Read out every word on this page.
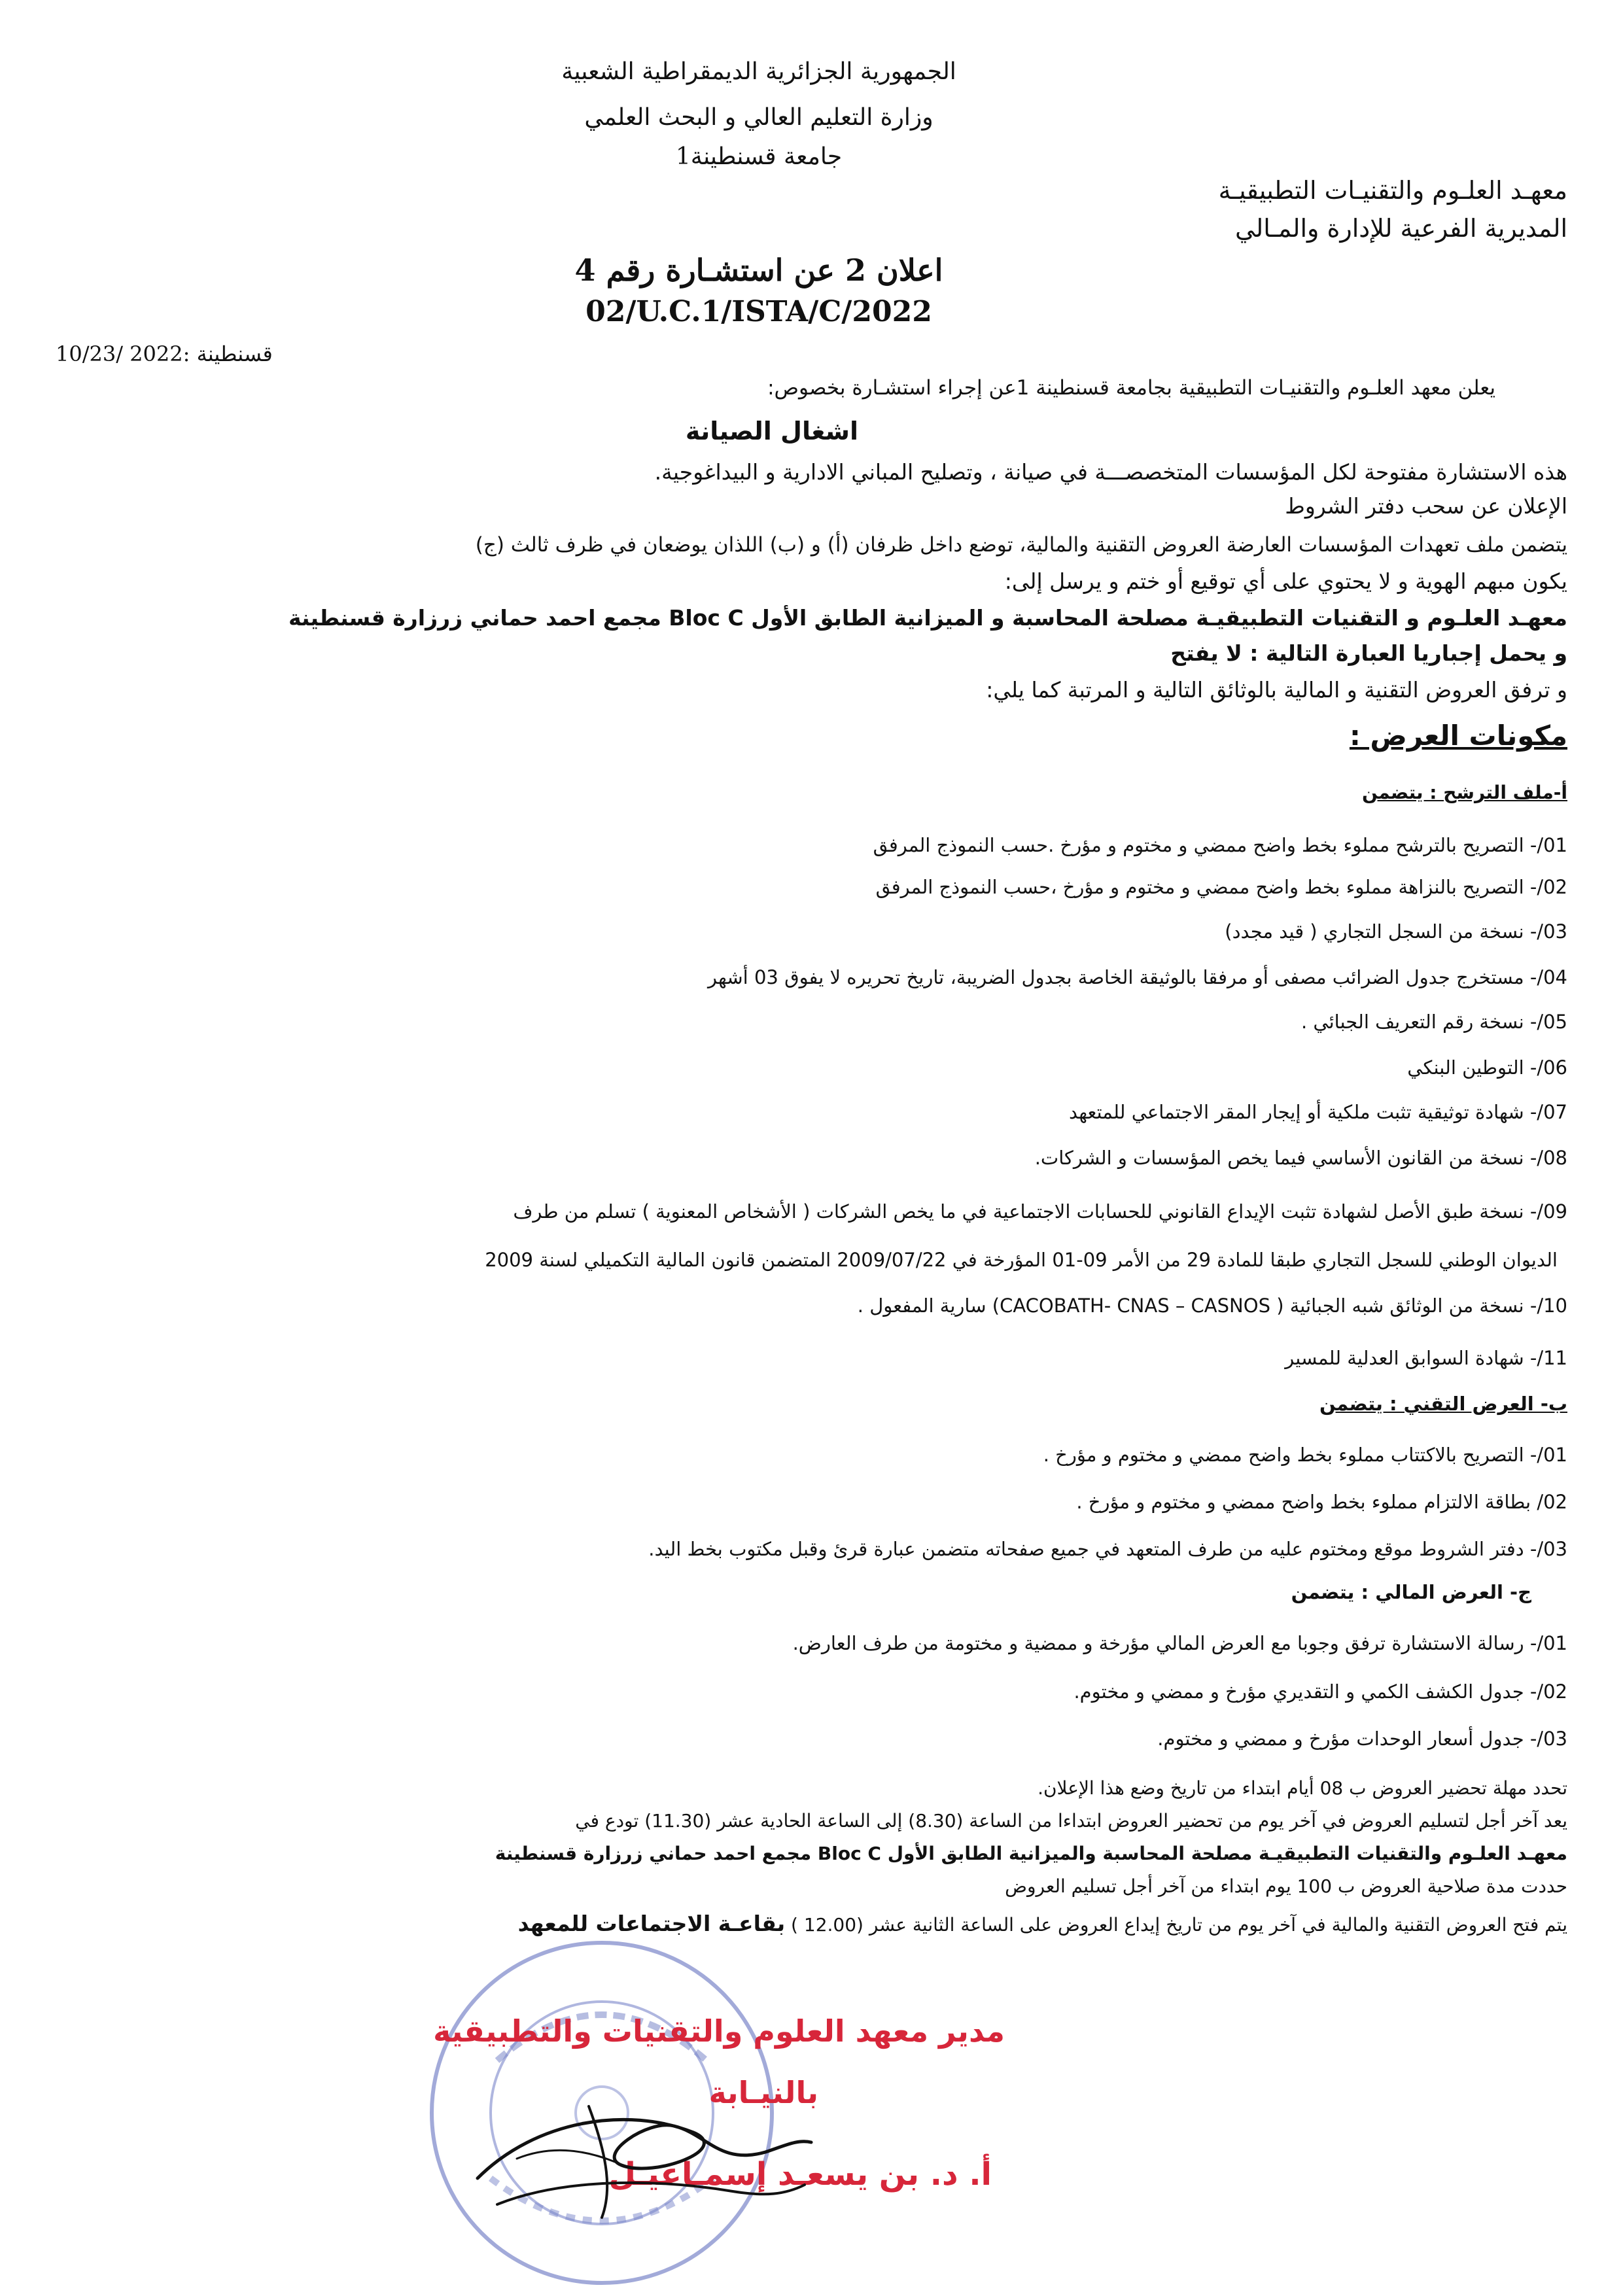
الجمهورية الجزائرية الديمقراطية الشعبية
وزارة التعليم العالي و البحث العلمي
جامعة قسنطينة1
معهـد العلـوم والتقنيـات التطبيقيـة
المديرية الفرعية للإدارة والمـالي
اعلان 2 عن استشـارة رقم 4
02/U.C.1/ISTA/C/2022
قسنطينة :2022 /10/23
يعلن معهد العلـوم والتقنيـات التطبيقية بجامعة قسنطينة 1عن إجراء استشـارة بخصوص:
اشغال الصيانة
هذه الاستشارة مفتوحة لكل المؤسسات المتخصصـــة في صيانة ، وتصليح المباني الادارية و البيداغوجية.
الإعلان عن سحب دفتر الشروط
يتضمن ملف تعهدات المؤسسات العارضة العروض التقنية والمالية، توضع داخل ظرفان (أ) و (ب) اللذان يوضعان في ظرف ثالث (ج)
يكون مبهم الهوية و لا يحتوي على أي توقيع أو ختم و يرسل إلى:
معهـد العلـوم و التقنيات التطبيقيـة مصلحة المحاسبة و الميزانية الطابق الأول Bloc C مجمع احمد حماني زرزارة قسنطينة
و يحمل إجباريا العبارة التالية : لا يفتح
و ترفق العروض التقنية و المالية بالوثائق التالية و المرتبة كما يلي:
مكونات العرض :
أ-ملف الترشح : يتضمن
01/- التصريح بالترشح مملوء بخط واضح ممضي و مختوم و مؤرخ .حسب النموذج المرفق
02/- التصريح بالنزاهة مملوء بخط واضح ممضي و مختوم و مؤرخ ،حسب النموذج المرفق
03/- نسخة من السجل التجاري ( قيد مجدد)
04/- مستخرج جدول الضرائب مصفى أو مرفقا بالوثيقة الخاصة بجدول الضريبة، تاريخ تحريره لا يفوق 03 أشهر
05/- نسخة رقم التعريف الجبائي .
06/- التوطين البنكي
07/- شهادة توثيقية تثبت ملكية أو إيجار المقر الاجتماعي للمتعهد
08/- نسخة من القانون الأساسي فيما يخص المؤسسات و الشركات.
09/- نسخة طبق الأصل لشهادة تثبت الإيداع القانوني للحسابات الاجتماعية في ما يخص الشركات ( الأشخاص المعنوية ) تسلم من طرف
الديوان الوطني للسجل التجاري طبقا للمادة 29 من الأمر 09-01 المؤرخة في 2009/07/22 المتضمن قانون المالية التكميلي لسنة 2009
10/- نسخة من الوثائق شبه الجبائية ( CACOBATH- CNAS – CASNOS) سارية المفعول .
11/- شهادة السوابق العدلية للمسير
ب- العرض التقني : يتضمن
01/- التصريح بالاكتتاب مملوء بخط واضح ممضي و مختوم و مؤرخ .
02/ بطاقة الالتزام مملوء بخط واضح ممضي و مختوم و مؤرخ .
03/- دفتر الشروط موقع ومختوم عليه من طرف المتعهد في جميع صفحاته متضمن عبارة قرئ وقبل مكتوب بخط اليد.
ج- العرض المالي : يتضمن
01/- رسالة الاستشارة ترفق وجوبا مع العرض المالي مؤرخة و ممضية و مختومة من طرف العارض.
02/- جدول الكشف الكمي و التقديري مؤرخ و ممضي و مختوم.
03/- جدول أسعار الوحدات مؤرخ و ممضي و مختوم.
تحدد مهلة تحضير العروض ب 08 أيام ابتداء من تاريخ وضع هذا الإعلان.
يعد آخر أجل لتسليم العروض في آخر يوم من تحضير العروض ابتداءا من الساعة (8.30) إلى الساعة الحادية عشر (11.30) تودع في
معهـد العلـوم والتقنيات التطبيقيـة مصلحة المحاسبة والميزانية الطابق الأول Bloc C مجمع احمد حماني زرزارة قسنطينة
حددت مدة صلاحية العروض ب 100 يوم ابتداء من آخر أجل تسليم العروض
يتم فتح العروض التقنية والمالية في آخر يوم من تاريخ إيداع العروض على الساعة الثانية عشر (12.00 ) بقاعـة الاجتماعات للمعهد
مدير معهد العلوم والتقنيات والتطبيقية
بالنيـابة
أ. د. بن يسعـد إسمـاعيـل
